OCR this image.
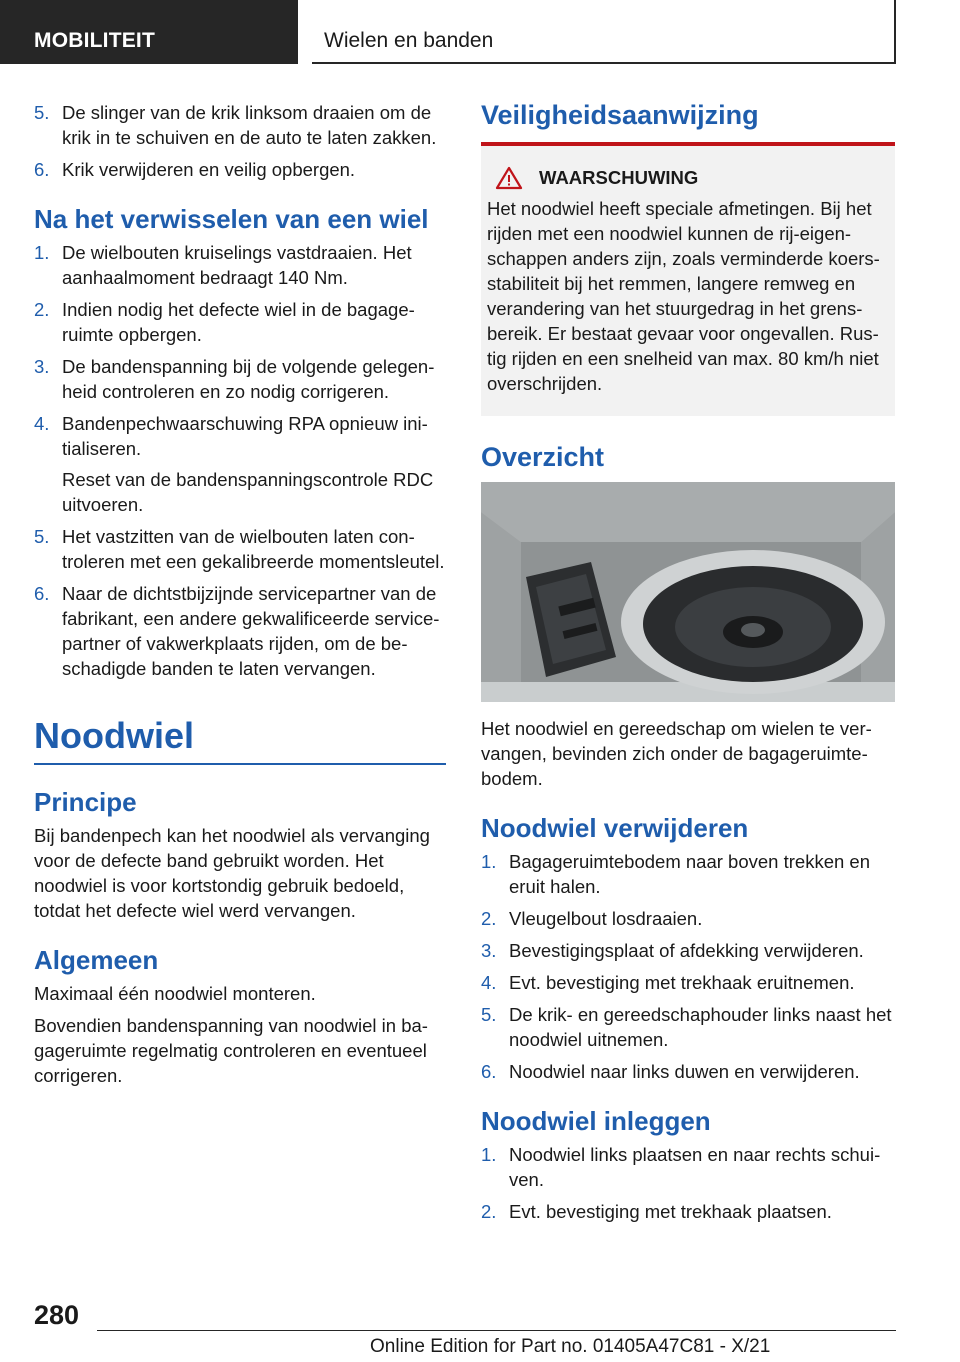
MOBILITEIT	Wielen en banden
5. De slinger van de krik linksom draaien om de krik in te schuiven en de auto te laten zakken.
6. Krik verwijderen en veilig opbergen.
Na het verwisselen van een wiel
1. De wielbouten kruiselings vastdraaien. Het aanhaalmoment bedraagt 140 Nm.
2. Indien nodig het defecte wiel in de bagageruimte opbergen.
3. De bandenspanning bij de volgende gelegenheid controleren en zo nodig corrigeren.
4. Bandenpechwaarschuwing RPA opnieuw initialiseren.
Reset van de bandenspanningscontrole RDC uitvoeren.
5. Het vastzitten van de wielbouten laten controleren met een gekalibreerde momentsleutel.
6. Naar de dichtstbijzijnde servicepartner van de fabrikant, een andere gekwalificeerde servicepartner of vakwerkplaats rijden, om de beschadigde banden te laten vervangen.
Noodwiel
Principe
Bij bandenpech kan het noodwiel als vervanging voor de defecte band gebruikt worden. Het noodwiel is voor kortstondig gebruik bedoeld, totdat het defecte wiel werd vervangen.
Algemeen
Maximaal één noodwiel monteren.
Bovendien bandenspanning van noodwiel in bagageruimte regelmatig controleren en eventueel corrigeren.
Veiligheidsaanwijzing
WAARSCHUWING
Het noodwiel heeft speciale afmetingen. Bij het rijden met een noodwiel kunnen de rij-eigenschappen anders zijn, zoals verminderde koersstabiliteit bij het remmen, langere remweg en verandering van het stuurgedrag in het grensbereik. Er bestaat gevaar voor ongevallen. Rustig rijden en een snelheid van max. 80 km/h niet overschrijden.
Overzicht
Het noodwiel en gereedschap om wielen te vervangen, bevinden zich onder de bagageruimtebodem.
Noodwiel verwijderen
1. Bagageruimtebodem naar boven trekken en eruit halen.
2. Vleugelbout losdraaien.
3. Bevestigingsplaat of afdekking verwijderen.
4. Evt. bevestiging met trekhaak eruitnemen.
5. De krik- en gereedschaphouder links naast het noodwiel uitnemen.
6. Noodwiel naar links duwen en verwijderen.
Noodwiel inleggen
1. Noodwiel links plaatsen en naar rechts schuiven.
2. Evt. bevestiging met trekhaak plaatsen.
280
Online Edition for Part no. 01405A47C81 - X/21
